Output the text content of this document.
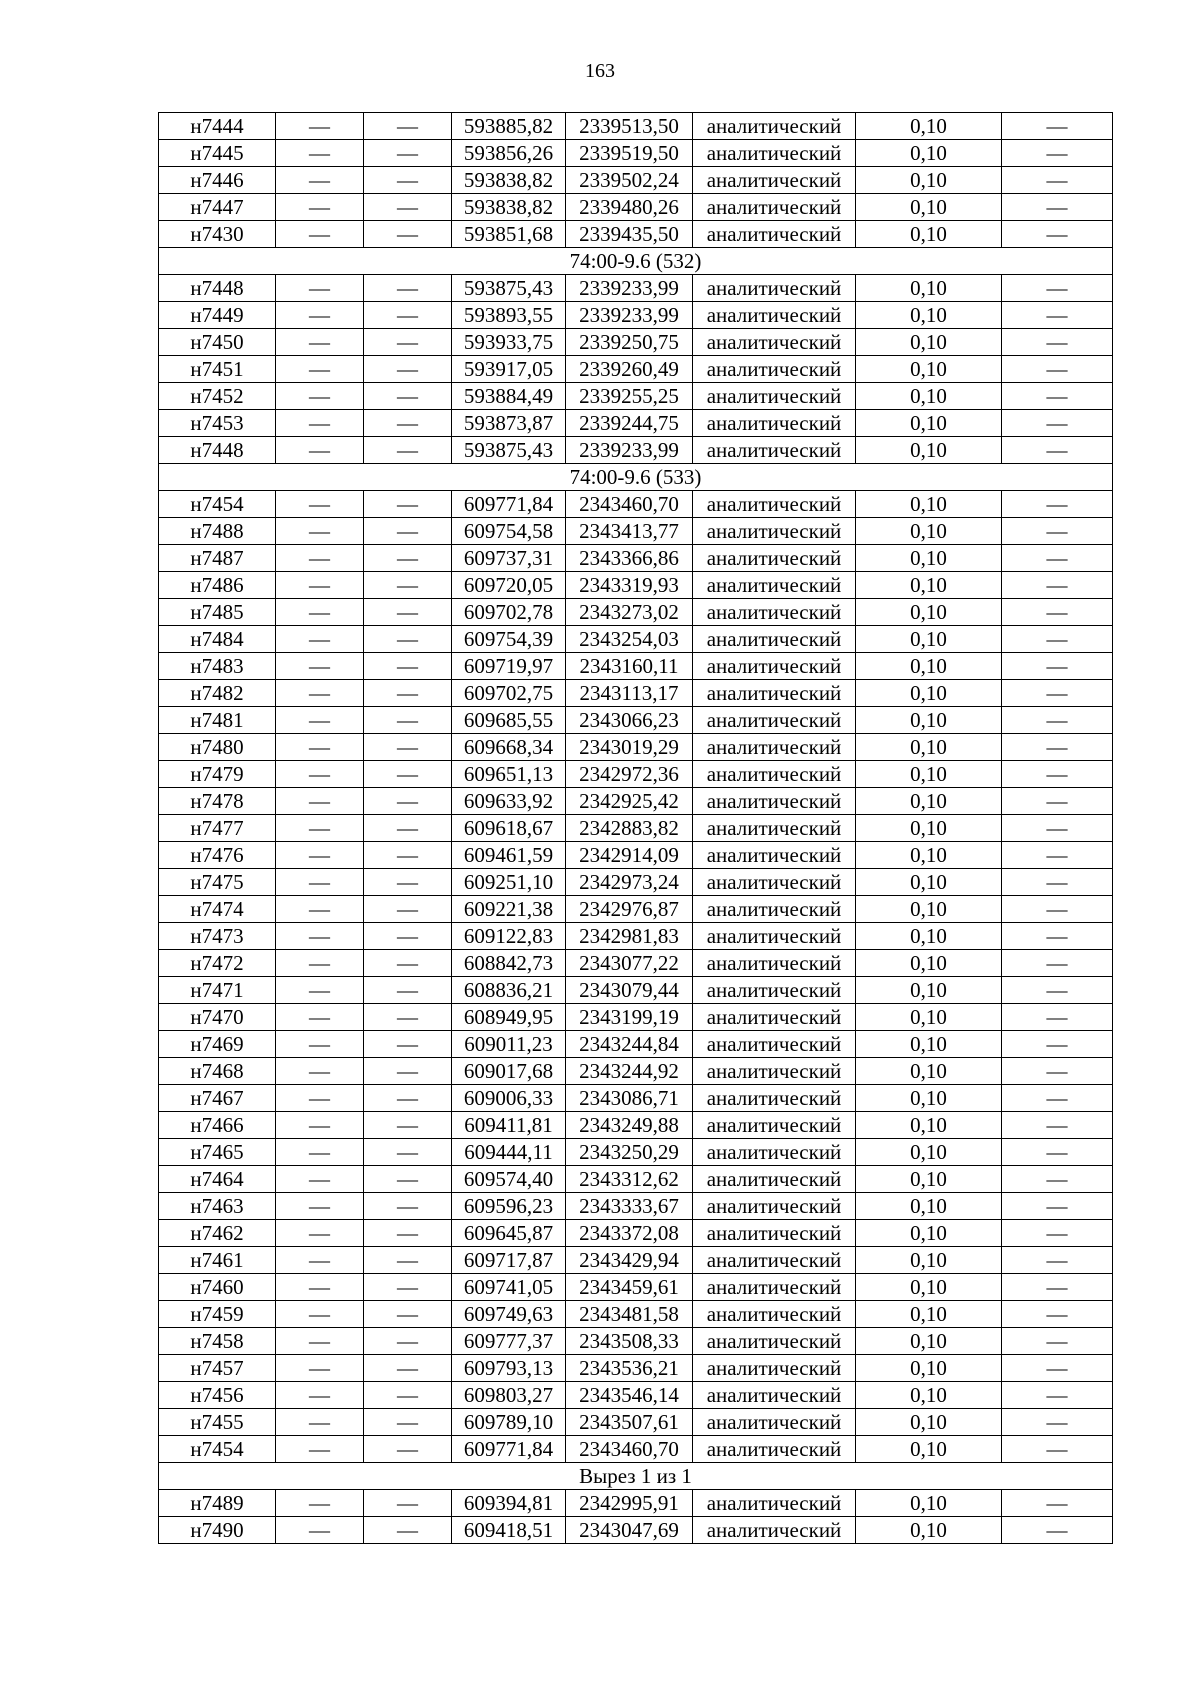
163
н7444	—	—	593885,82	2339513,50	аналитический	0,10	—
н7445	—	—	593856,26	2339519,50	аналитический	0,10	—
н7446	—	—	593838,82	2339502,24	аналитический	0,10	—
н7447	—	—	593838,82	2339480,26	аналитический	0,10	—
н7430	—	—	593851,68	2339435,50	аналитический	0,10	—
74:00-9.6 (532)							
н7448	—	—	593875,43	2339233,99	аналитический	0,10	—
н7449	—	—	593893,55	2339233,99	аналитический	0,10	—
н7450	—	—	593933,75	2339250,75	аналитический	0,10	—
н7451	—	—	593917,05	2339260,49	аналитический	0,10	—
н7452	—	—	593884,49	2339255,25	аналитический	0,10	—
н7453	—	—	593873,87	2339244,75	аналитический	0,10	—
н7448	—	—	593875,43	2339233,99	аналитический	0,10	—
74:00-9.6 (533)							
н7454	—	—	609771,84	2343460,70	аналитический	0,10	—
н7488	—	—	609754,58	2343413,77	аналитический	0,10	—
н7487	—	—	609737,31	2343366,86	аналитический	0,10	—
н7486	—	—	609720,05	2343319,93	аналитический	0,10	—
н7485	—	—	609702,78	2343273,02	аналитический	0,10	—
н7484	—	—	609754,39	2343254,03	аналитический	0,10	—
н7483	—	—	609719,97	2343160,11	аналитический	0,10	—
н7482	—	—	609702,75	2343113,17	аналитический	0,10	—
н7481	—	—	609685,55	2343066,23	аналитический	0,10	—
н7480	—	—	609668,34	2343019,29	аналитический	0,10	—
н7479	—	—	609651,13	2342972,36	аналитический	0,10	—
н7478	—	—	609633,92	2342925,42	аналитический	0,10	—
н7477	—	—	609618,67	2342883,82	аналитический	0,10	—
н7476	—	—	609461,59	2342914,09	аналитический	0,10	—
н7475	—	—	609251,10	2342973,24	аналитический	0,10	—
н7474	—	—	609221,38	2342976,87	аналитический	0,10	—
н7473	—	—	609122,83	2342981,83	аналитический	0,10	—
н7472	—	—	608842,73	2343077,22	аналитический	0,10	—
н7471	—	—	608836,21	2343079,44	аналитический	0,10	—
н7470	—	—	608949,95	2343199,19	аналитический	0,10	—
н7469	—	—	609011,23	2343244,84	аналитический	0,10	—
н7468	—	—	609017,68	2343244,92	аналитический	0,10	—
н7467	—	—	609006,33	2343086,71	аналитический	0,10	—
н7466	—	—	609411,81	2343249,88	аналитический	0,10	—
н7465	—	—	609444,11	2343250,29	аналитический	0,10	—
н7464	—	—	609574,40	2343312,62	аналитический	0,10	—
н7463	—	—	609596,23	2343333,67	аналитический	0,10	—
н7462	—	—	609645,87	2343372,08	аналитический	0,10	—
н7461	—	—	609717,87	2343429,94	аналитический	0,10	—
н7460	—	—	609741,05	2343459,61	аналитический	0,10	—
н7459	—	—	609749,63	2343481,58	аналитический	0,10	—
н7458	—	—	609777,37	2343508,33	аналитический	0,10	—
н7457	—	—	609793,13	2343536,21	аналитический	0,10	—
н7456	—	—	609803,27	2343546,14	аналитический	0,10	—
н7455	—	—	609789,10	2343507,61	аналитический	0,10	—
н7454	—	—	609771,84	2343460,70	аналитический	0,10	—
Вырез 1 из 1							
н7489	—	—	609394,81	2342995,91	аналитический	0,10	—
н7490	—	—	609418,51	2343047,69	аналитический	0,10	—
